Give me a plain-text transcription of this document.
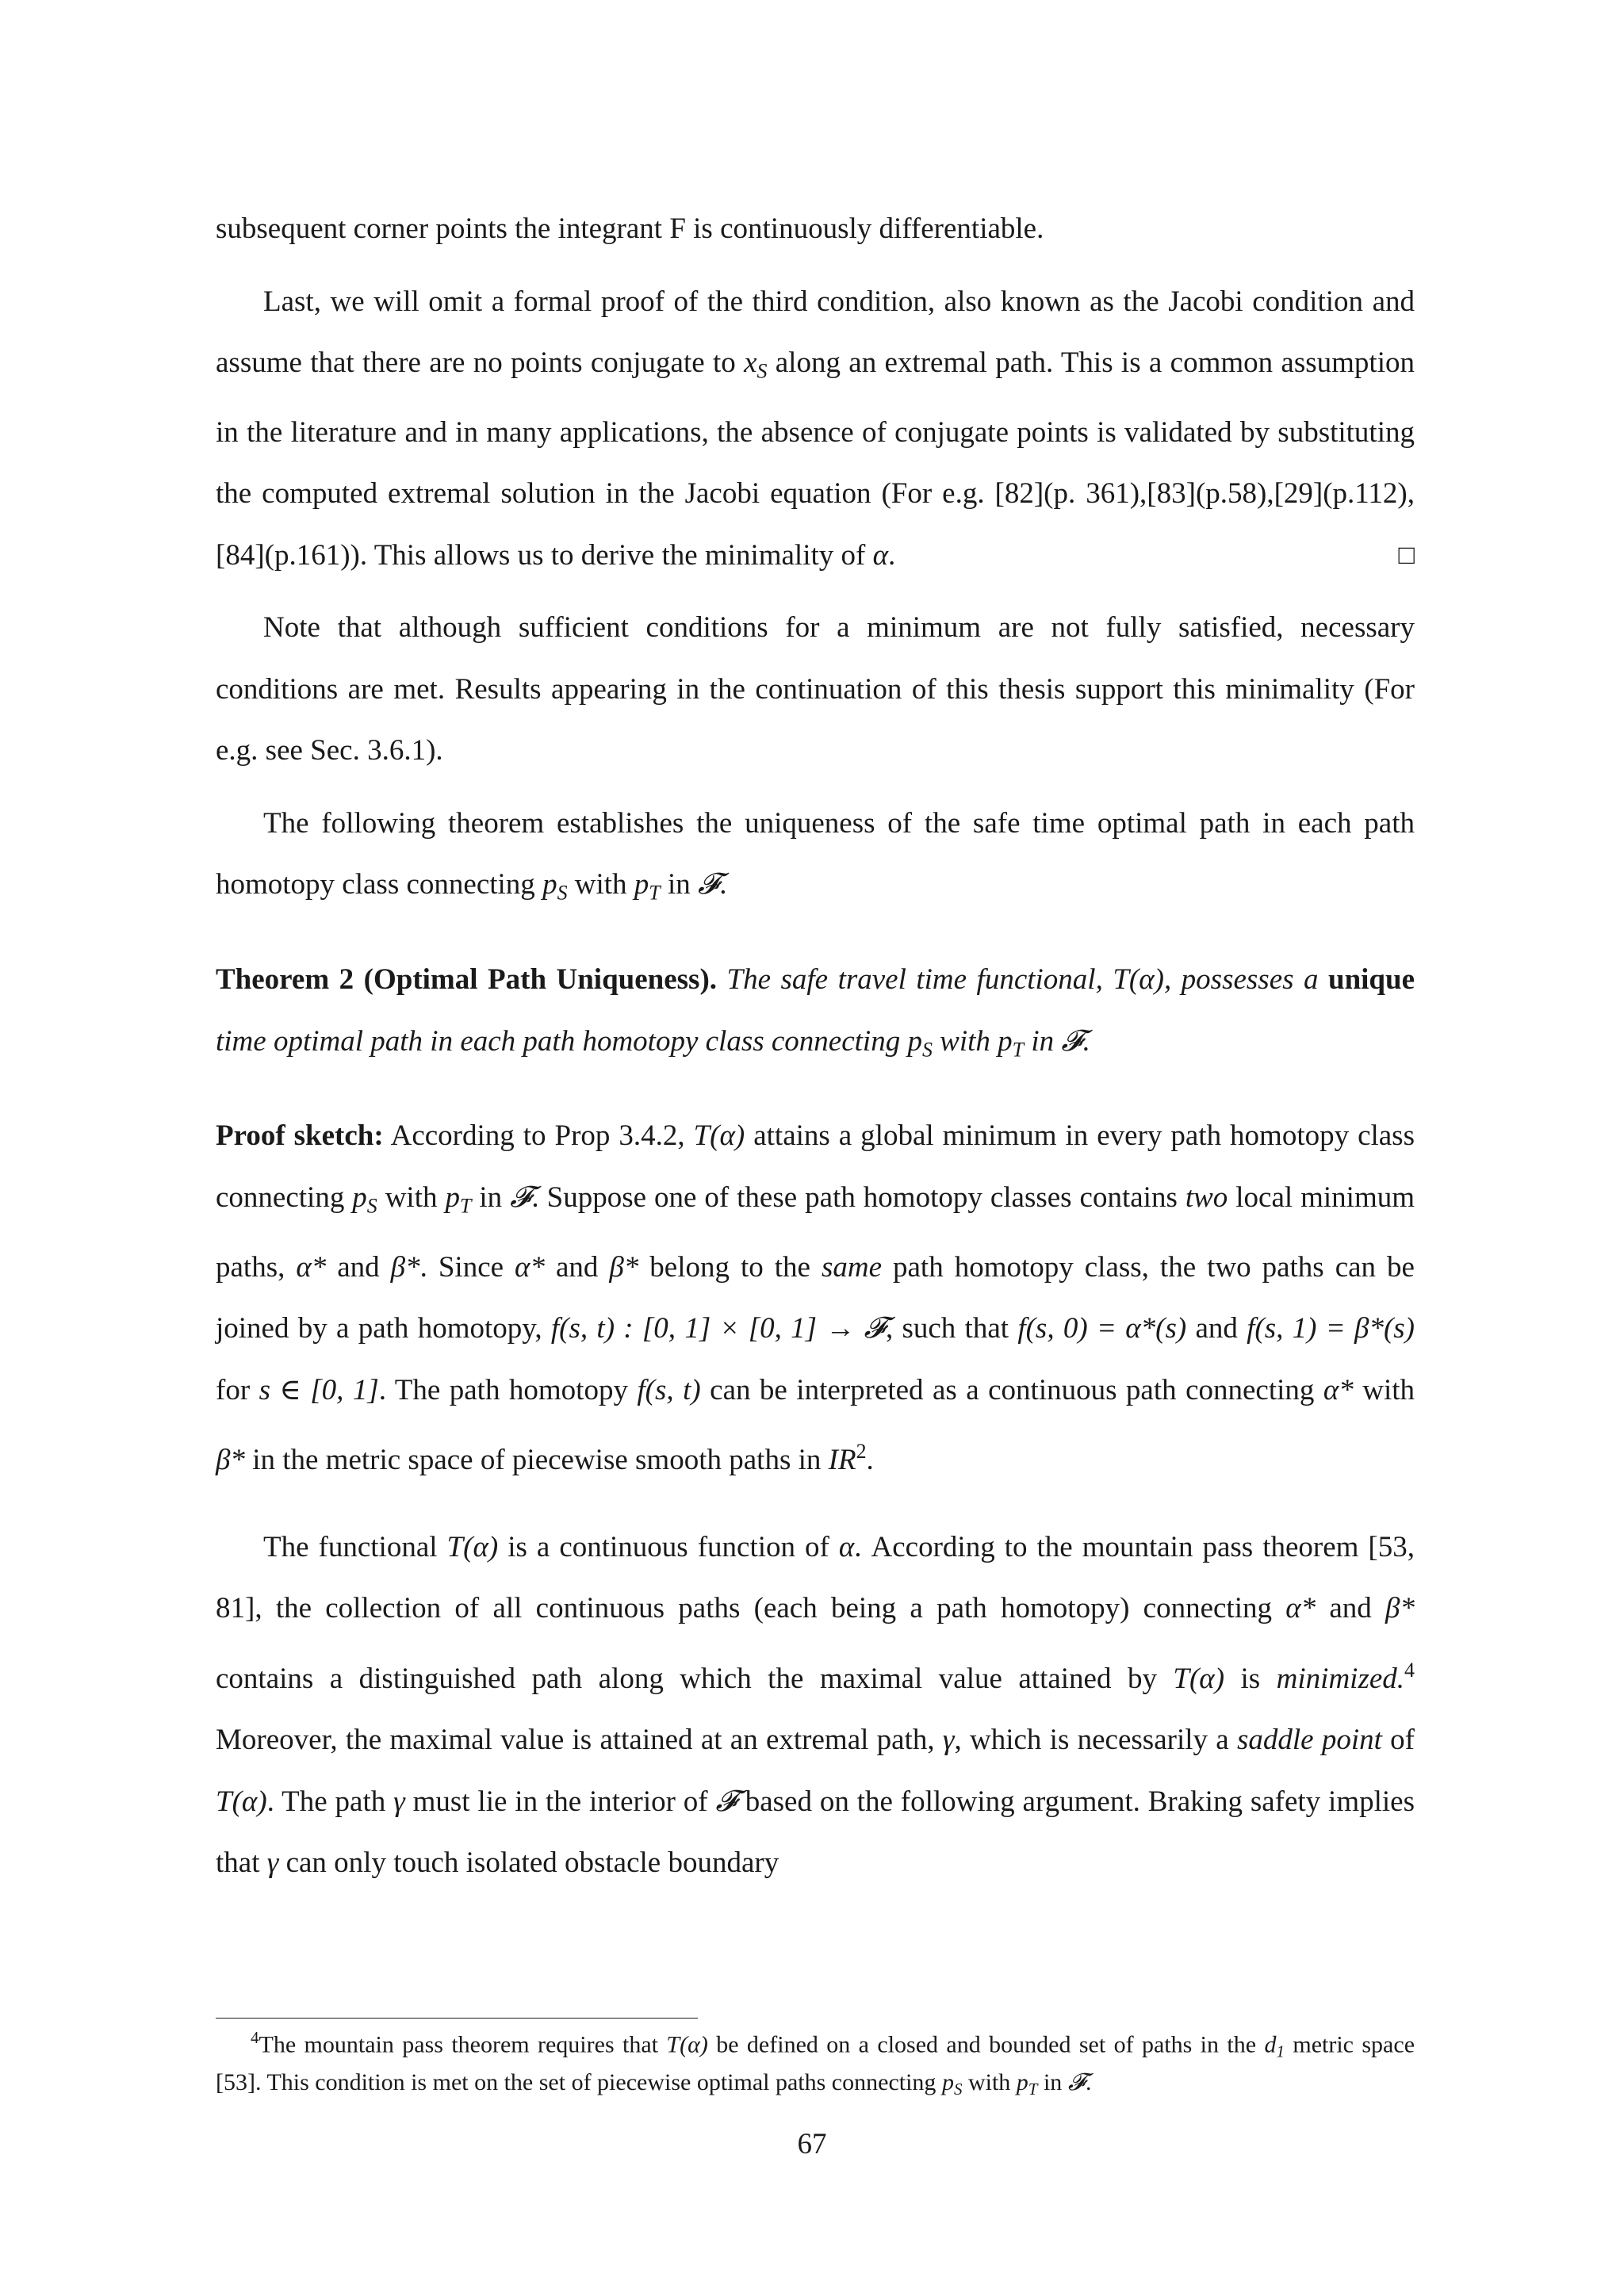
subsequent corner points the integrant F is continuously differentiable.

Last, we will omit a formal proof of the third condition, also known as the Jacobi condition and assume that there are no points conjugate to $x_S$ along an extremal path. This is a common assumption in the literature and in many applications, the absence of conjugate points is validated by substituting the computed extremal solution in the Jacobi equation (For e.g. [82](p. 361),[83](p.58),[29](p.112),[84](p.161)). This allows us to derive the minimality of α.	□

Note that although sufficient conditions for a minimum are not fully satisfied, necessary conditions are met. Results appearing in the continuation of this thesis support this minimality (For e.g. see Sec. 3.6.1).

The following theorem establishes the uniqueness of the safe time optimal path in each path homotopy class connecting $p_S$ with $p_T$ in 𝓕.

Theorem 2 (Optimal Path Uniqueness). The safe travel time functional, T(α), possesses a unique time optimal path in each path homotopy class connecting $p_S$ with $p_T$ in 𝓕.

Proof sketch: According to Prop 3.4.2, T(α) attains a global minimum in every path homotopy class connecting $p_S$ with $p_T$ in 𝓕. Suppose one of these path homotopy classes contains two local minimum paths, α* and β*. Since α* and β* belong to the same path homotopy class, the two paths can be joined by a path homotopy, f(s, t) : [0, 1] × [0, 1] → 𝓕, such that f(s, 0) = α*(s) and f(s, 1) = β*(s) for s ∈ [0, 1]. The path homotopy f(s, t) can be interpreted as a continuous path connecting α* with β* in the metric space of piecewise smooth paths in $IR^2$.

The functional T(α) is a continuous function of α. According to the mountain pass theorem [53, 81], the collection of all continuous paths (each being a path homotopy) connecting α* and β* contains a distinguished path along which the maximal value attained by T(α) is minimized.$^4$ Moreover, the maximal value is attained at an extremal path, γ, which is necessarily a saddle point of T(α). The path γ must lie in the interior of 𝓕 based on the following argument. Braking safety implies that γ can only touch isolated obstacle boundary

$^4$The mountain pass theorem requires that T(α) be defined on a closed and bounded set of paths in the $d_1$ metric space [53]. This condition is met on the set of piecewise optimal paths connecting $p_S$ with $p_T$ in 𝓕.

67
